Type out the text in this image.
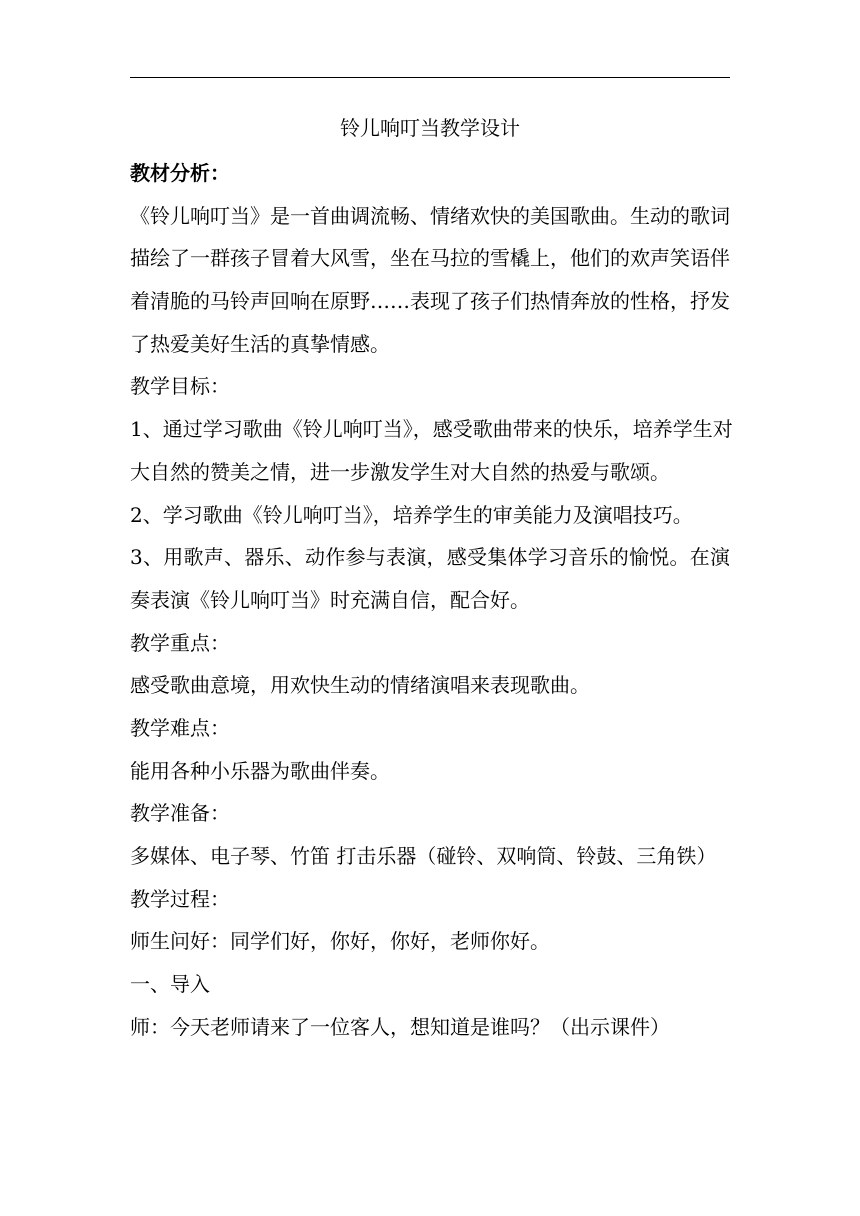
铃儿响叮当教学设计

教材分析：

《铃儿响叮当》是一首曲调流畅、情绪欢快的美国歌曲。生动的歌词

描绘了一群孩子冒着大风雪，坐在马拉的雪橇上，他们的欢声笑语伴

着清脆的马铃声回响在原野……表现了孩子们热情奔放的性格，抒发

了热爱美好生活的真挚情感。

教学目标：

1、通过学习歌曲《铃儿响叮当》，感受歌曲带来的快乐，培养学生对

大自然的赞美之情，进一步激发学生对大自然的热爱与歌颂。

2、学习歌曲《铃儿响叮当》，培养学生的审美能力及演唱技巧。

3、用歌声、器乐、动作参与表演，感受集体学习音乐的愉悦。在演

奏表演《铃儿响叮当》时充满自信，配合好。

教学重点：

感受歌曲意境，用欢快生动的情绪演唱来表现歌曲。

教学难点：

能用各种小乐器为歌曲伴奏。

教学准备：

多媒体、电子琴、竹笛 打击乐器（碰铃、双响筒、铃鼓、三角铁）

教学过程：

师生问好：同学们好，你好，你好，老师你好。

一、导入

师：今天老师请来了一位客人，想知道是谁吗？（出示课件）
